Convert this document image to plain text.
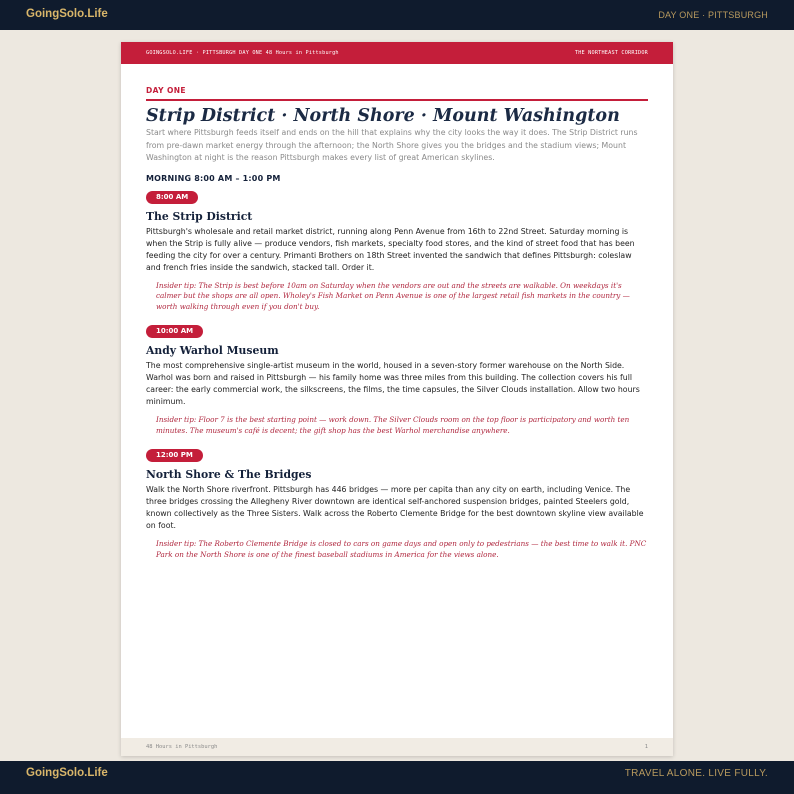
GoingSolo.Life	DAY ONE · PITTSBURGH
GOINGSOLO.LIFE · PITTSBURGH DAY ONE 48 Hours in Pittsburgh	THE NORTHEAST CORRIDOR
DAY ONE
Strip District · North Shore · Mount Washington
Start where Pittsburgh feeds itself and ends on the hill that explains why the city looks the way it does. The Strip District runs from pre-dawn market energy through the afternoon; the North Shore gives you the bridges and the stadium views; Mount Washington at night is the reason Pittsburgh makes every list of great American skylines.
MORNING 8:00 AM – 1:00 PM
8:00 AM
The Strip District
Pittsburgh's wholesale and retail market district, running along Penn Avenue from 16th to 22nd Street. Saturday morning is when the Strip is fully alive — produce vendors, fish markets, specialty food stores, and the kind of street food that has been feeding the city for over a century. Primanti Brothers on 18th Street invented the sandwich that defines Pittsburgh: coleslaw and french fries inside the sandwich, stacked tall. Order it.
Insider tip: The Strip is best before 10am on Saturday when the vendors are out and the streets are walkable. On weekdays it's calmer but the shops are all open. Wholey's Fish Market on Penn Avenue is one of the largest retail fish markets in the country — worth walking through even if you don't buy.
10:00 AM
Andy Warhol Museum
The most comprehensive single-artist museum in the world, housed in a seven-story former warehouse on the North Side. Warhol was born and raised in Pittsburgh — his family home was three miles from this building. The collection covers his full career: the early commercial work, the silkscreens, the films, the time capsules, the Silver Clouds installation. Allow two hours minimum.
Insider tip: Floor 7 is the best starting point — work down. The Silver Clouds room on the top floor is participatory and worth ten minutes. The museum's café is decent; the gift shop has the best Warhol merchandise anywhere.
12:00 PM
North Shore & The Bridges
Walk the North Shore riverfront. Pittsburgh has 446 bridges — more per capita than any city on earth, including Venice. The three bridges crossing the Allegheny River downtown are identical self-anchored suspension bridges, painted Steelers gold, known collectively as the Three Sisters. Walk across the Roberto Clemente Bridge for the best downtown skyline view available on foot.
Insider tip: The Roberto Clemente Bridge is closed to cars on game days and open only to pedestrians — the best time to walk it. PNC Park on the North Shore is one of the finest baseball stadiums in America for the views alone.
48 Hours in Pittsburgh	1
GoingSolo.Life	TRAVEL ALONE. LIVE FULLY.
